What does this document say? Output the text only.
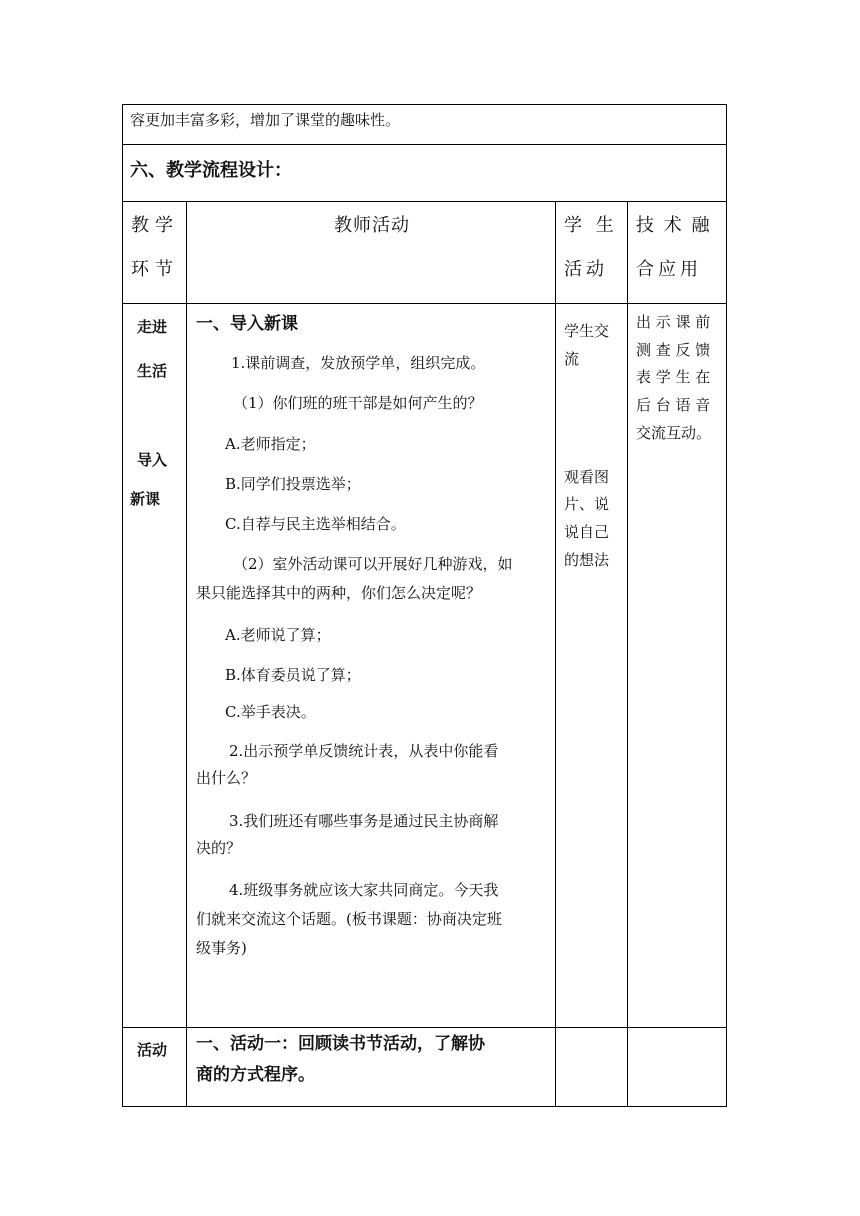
容更加丰富多彩，增加了课堂的趣味性。
六、教学流程设计：
教学
环节
教师活动	学 生
活动
技 术 融
合应用
走进
生活
导入
新课
一、导入新课
1.课前调查，发放预学单，组织完成。
（1）你们班的班干部是如何产生的？
A.老师指定；
B.同学们投票选举；
C.自荐与民主选举相结合。
（2）室外活动课可以开展好几种游戏，如
果只能选择其中的两种，你们怎么决定呢？
A.老师说了算；
B.体育委员说了算；
C.举手表决。
2.出示预学单反馈统计表，从表中你能看
出什么？
3.我们班还有哪些事务是通过民主协商解
决的？
4.班级事务就应该大家共同商定。今天我
们就来交流这个话题。(板书课题：协商决定班
级事务)
学生交
流
观看图
片、说
说自己
的想法
出 示 课 前
测 查 反 馈
表 学 生 在
后 台 语 音
交流互动。
活动 一、活动一：回顾读书节活动，了解协
商的方式程序。
